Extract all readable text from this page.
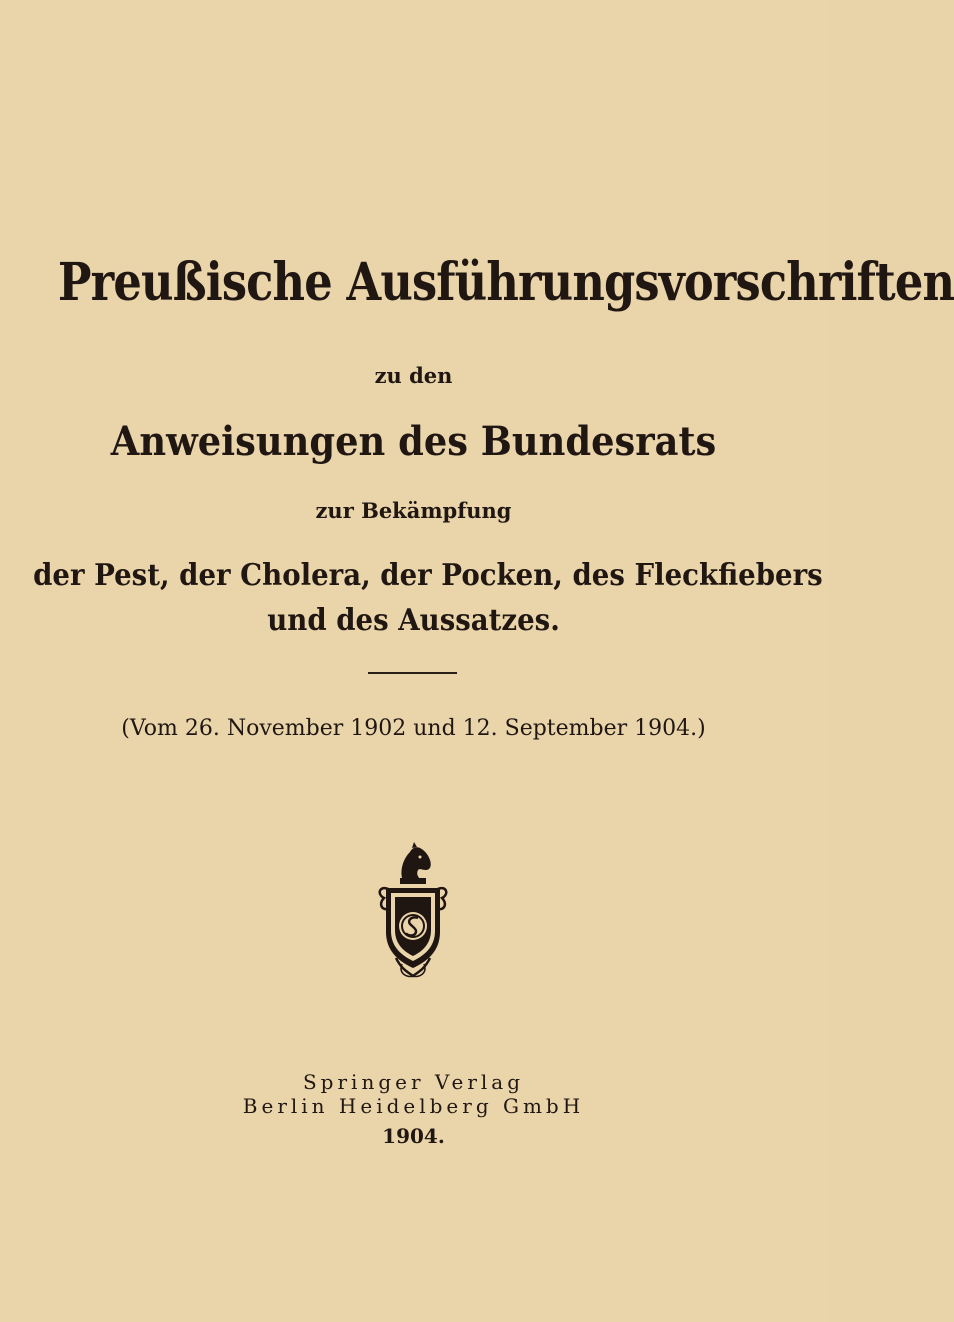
Preußische Ausführungsvorschriften
zu den
Anweisungen des Bundesrats
zur Bekämpfung
der Pest, der Cholera, der Pocken, des Fleckfiebers
und des Aussatzes.
(Vom 26. November 1902 und 12. September 1904.)
Springer Verlag
Berlin Heidelberg GmbH
1904.
